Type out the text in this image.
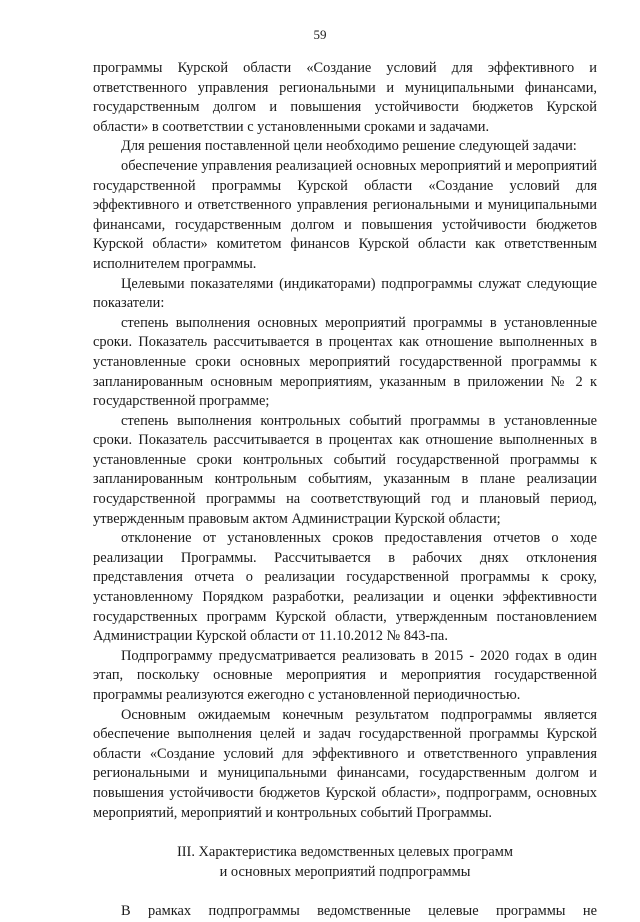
59

программы Курской области «Создание условий для эффективного и ответственного управления региональными и муниципальными финансами, государственным долгом и повышения устойчивости бюджетов Курской области» в соответствии с установленными сроками и задачами.

Для решения поставленной цели необходимо решение следующей задачи:

обеспечение управления реализацией основных мероприятий и мероприятий государственной программы Курской области «Создание условий для эффективного и ответственного управления региональными и муниципальными финансами, государственным долгом и повышения устойчивости бюджетов Курской области» комитетом финансов Курской области как ответственным исполнителем программы.

Целевыми показателями (индикаторами) подпрограммы служат следующие показатели:

степень выполнения основных мероприятий программы в установленные сроки. Показатель рассчитывается в процентах как отношение выполненных в установленные сроки основных мероприятий государственной программы к запланированным основным мероприятиям, указанным в приложении № 2 к государственной программе;

степень выполнения контрольных событий программы в установленные сроки. Показатель рассчитывается в процентах как отношение выполненных в установленные сроки контрольных событий государственной программы к запланированным контрольным событиям, указанным в плане реализации государственной программы на соответствующий год и плановый период, утвержденным правовым актом Администрации Курской области;

отклонение от установленных сроков предоставления отчетов о ходе реализации Программы. Рассчитывается в рабочих днях отклонения представления отчета о реализации государственной программы к сроку, установленному Порядком разработки, реализации и оценки эффективности государственных программ Курской области, утвержденным постановлением Администрации Курской области от 11.10.2012 № 843-па.

Подпрограмму предусматривается реализовать в 2015 - 2020 годах в один этап, поскольку основные мероприятия и мероприятия государственной программы реализуются ежегодно с установленной периодичностью.

Основным ожидаемым конечным результатом подпрограммы является обеспечение выполнения целей и задач государственной программы Курской области «Создание условий для эффективного и ответственного управления региональными и муниципальными финансами, государственным долгом и повышения устойчивости бюджетов Курской области», подпрограмм, основных мероприятий, мероприятий и контрольных событий Программы.

III. Характеристика ведомственных целевых программ
и основных мероприятий подпрограммы

В рамках подпрограммы ведомственные целевые программы не
